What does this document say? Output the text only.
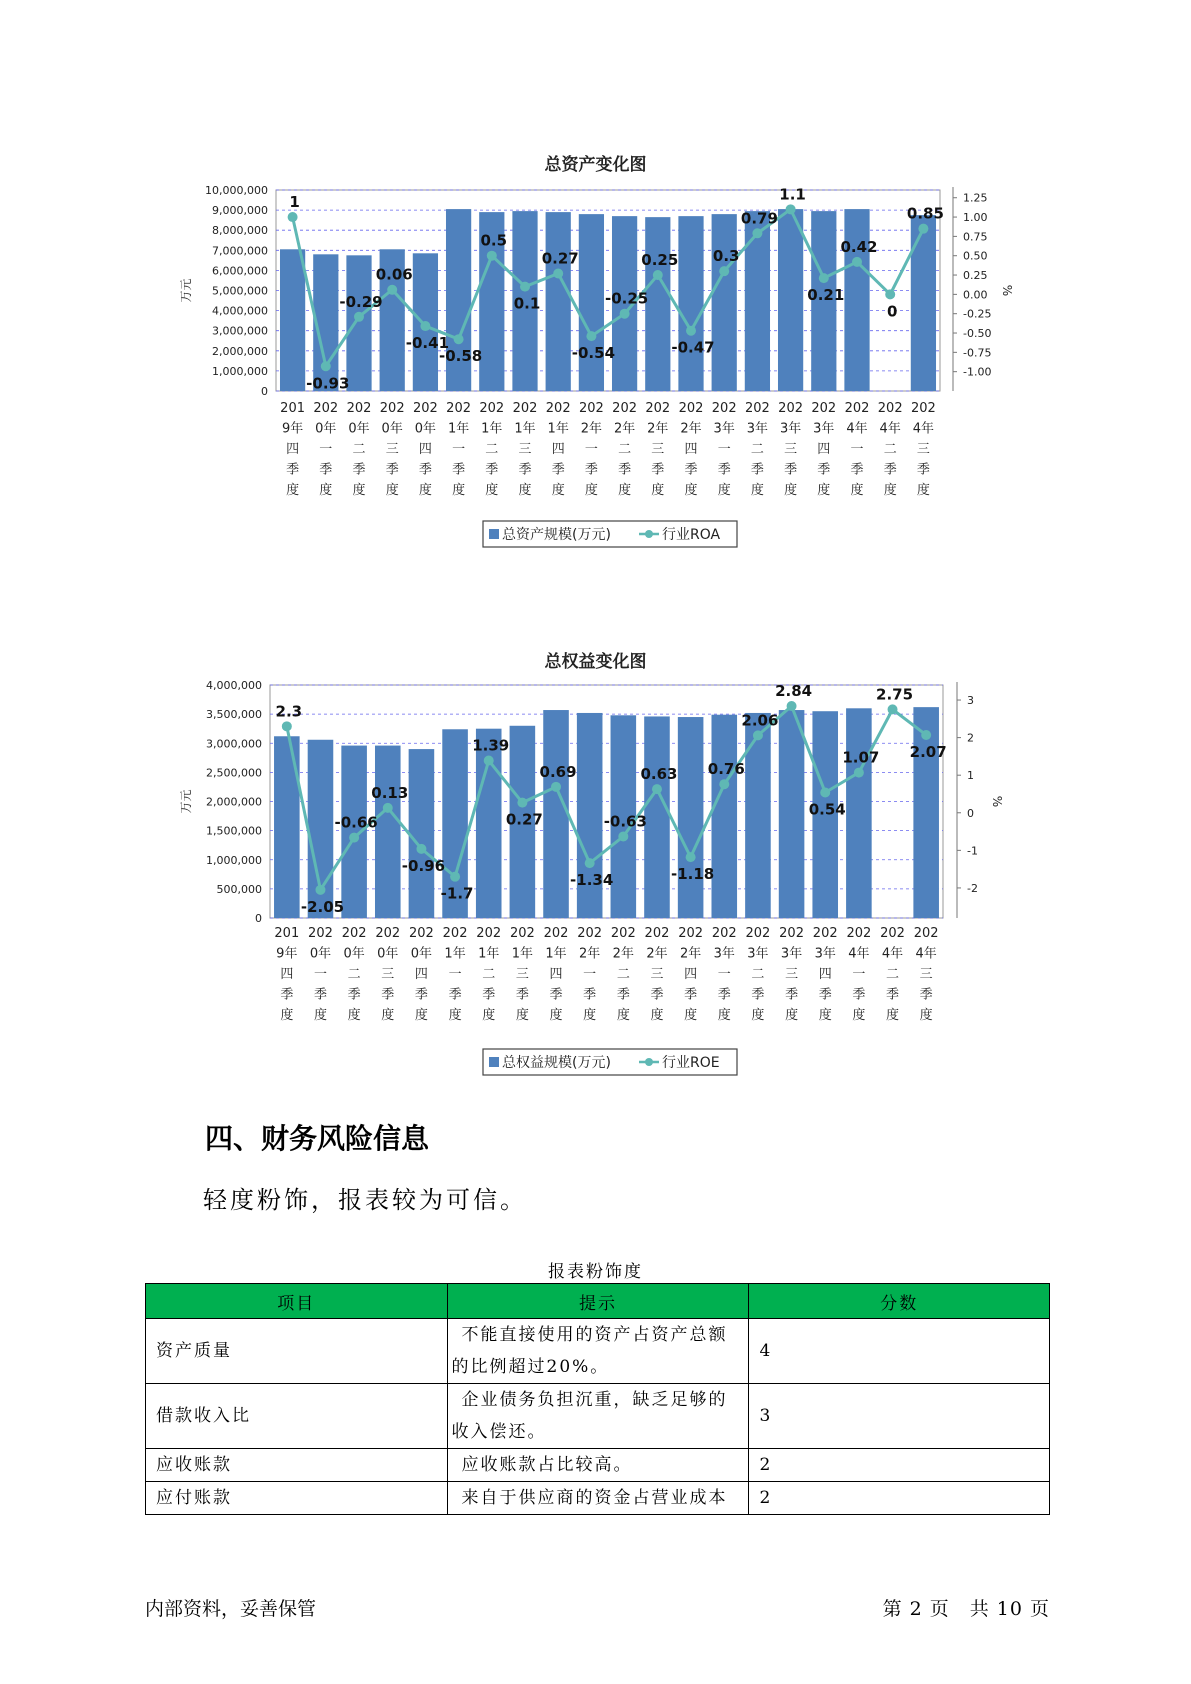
总资产变化图
0
1,000,000
2,000,000
3,000,000
4,000,000
5,000,000
6,000,000
7,000,000
8,000,000
9,000,000
10,000,000
-1.00
-0.75
-0.50
-0.25
0.00
0.25
0.50
0.75
1.00
1.25
万元	%
1
-0.93
-0.29
0.06
-0.41
-0.58
0.5
0.1
0.27
-0.54
-0.25
0.25
-0.47
0.3
0.79
1.1
0.21
0.42
0
0.85
201
9年
四
季
度
202
0年
一
季
度
202
0年
二
季
度
202
0年
三
季
度
202
0年
四
季
度
202
1年
一
季
度
202
1年
二
季
度
202
1年
三
季
度
202
1年
四
季
度
202
2年
一
季
度
202
2年
二
季
度
202
2年
三
季
度
202
2年
四
季
度
202
3年
一
季
度
202
3年
二
季
度
202
3年
三
季
度
202
3年
四
季
度
202
4年
一
季
度
202
4年
二
季
度
202
4年
三
季
度
总资产规模(万元)	行业ROA
总权益变化图
0
500,000
1,000,000
1,500,000
2,000,000
2,500,000
3,000,000
3,500,000
4,000,000
-2
-1
0
1
2
3
万元	%
2.3
-2.05
-0.66
0.13
-0.96
-1.7
1.39
0.27
0.69
-1.34
-0.63
0.63
-1.18
0.76
2.06
2.84
0.54
1.07
2.75
2.07
201
9年
四
季
度
202
0年
一
季
度
202
0年
二
季
度
202
0年
三
季
度
202
0年
四
季
度
202
1年
一
季
度
202
1年
二
季
度
202
1年
三
季
度
202
1年
四
季
度
202
2年
一
季
度
202
2年
二
季
度
202
2年
三
季
度
202
2年
四
季
度
202
3年
一
季
度
202
3年
二
季
度
202
3年
三
季
度
202
3年
四
季
度
202
4年
一
季
度
202
4年
二
季
度
202
4年
三
季
度
总权益规模(万元)	行业ROE
四、财务风险信息
轻度粉饰，报表较为可信。
报表粉饰度
项目	提示	分数
资产质量	不能直接使用的资产占资产总额
的比例超过20%。	4
借款收入比	企业债务负担沉重，缺乏足够的
收入偿还。	3
应收账款	应收账款占比较高。	2
应付账款	来自于供应商的资金占营业成本	2
内部资料，妥善保管	第 2 页　共 10 页
